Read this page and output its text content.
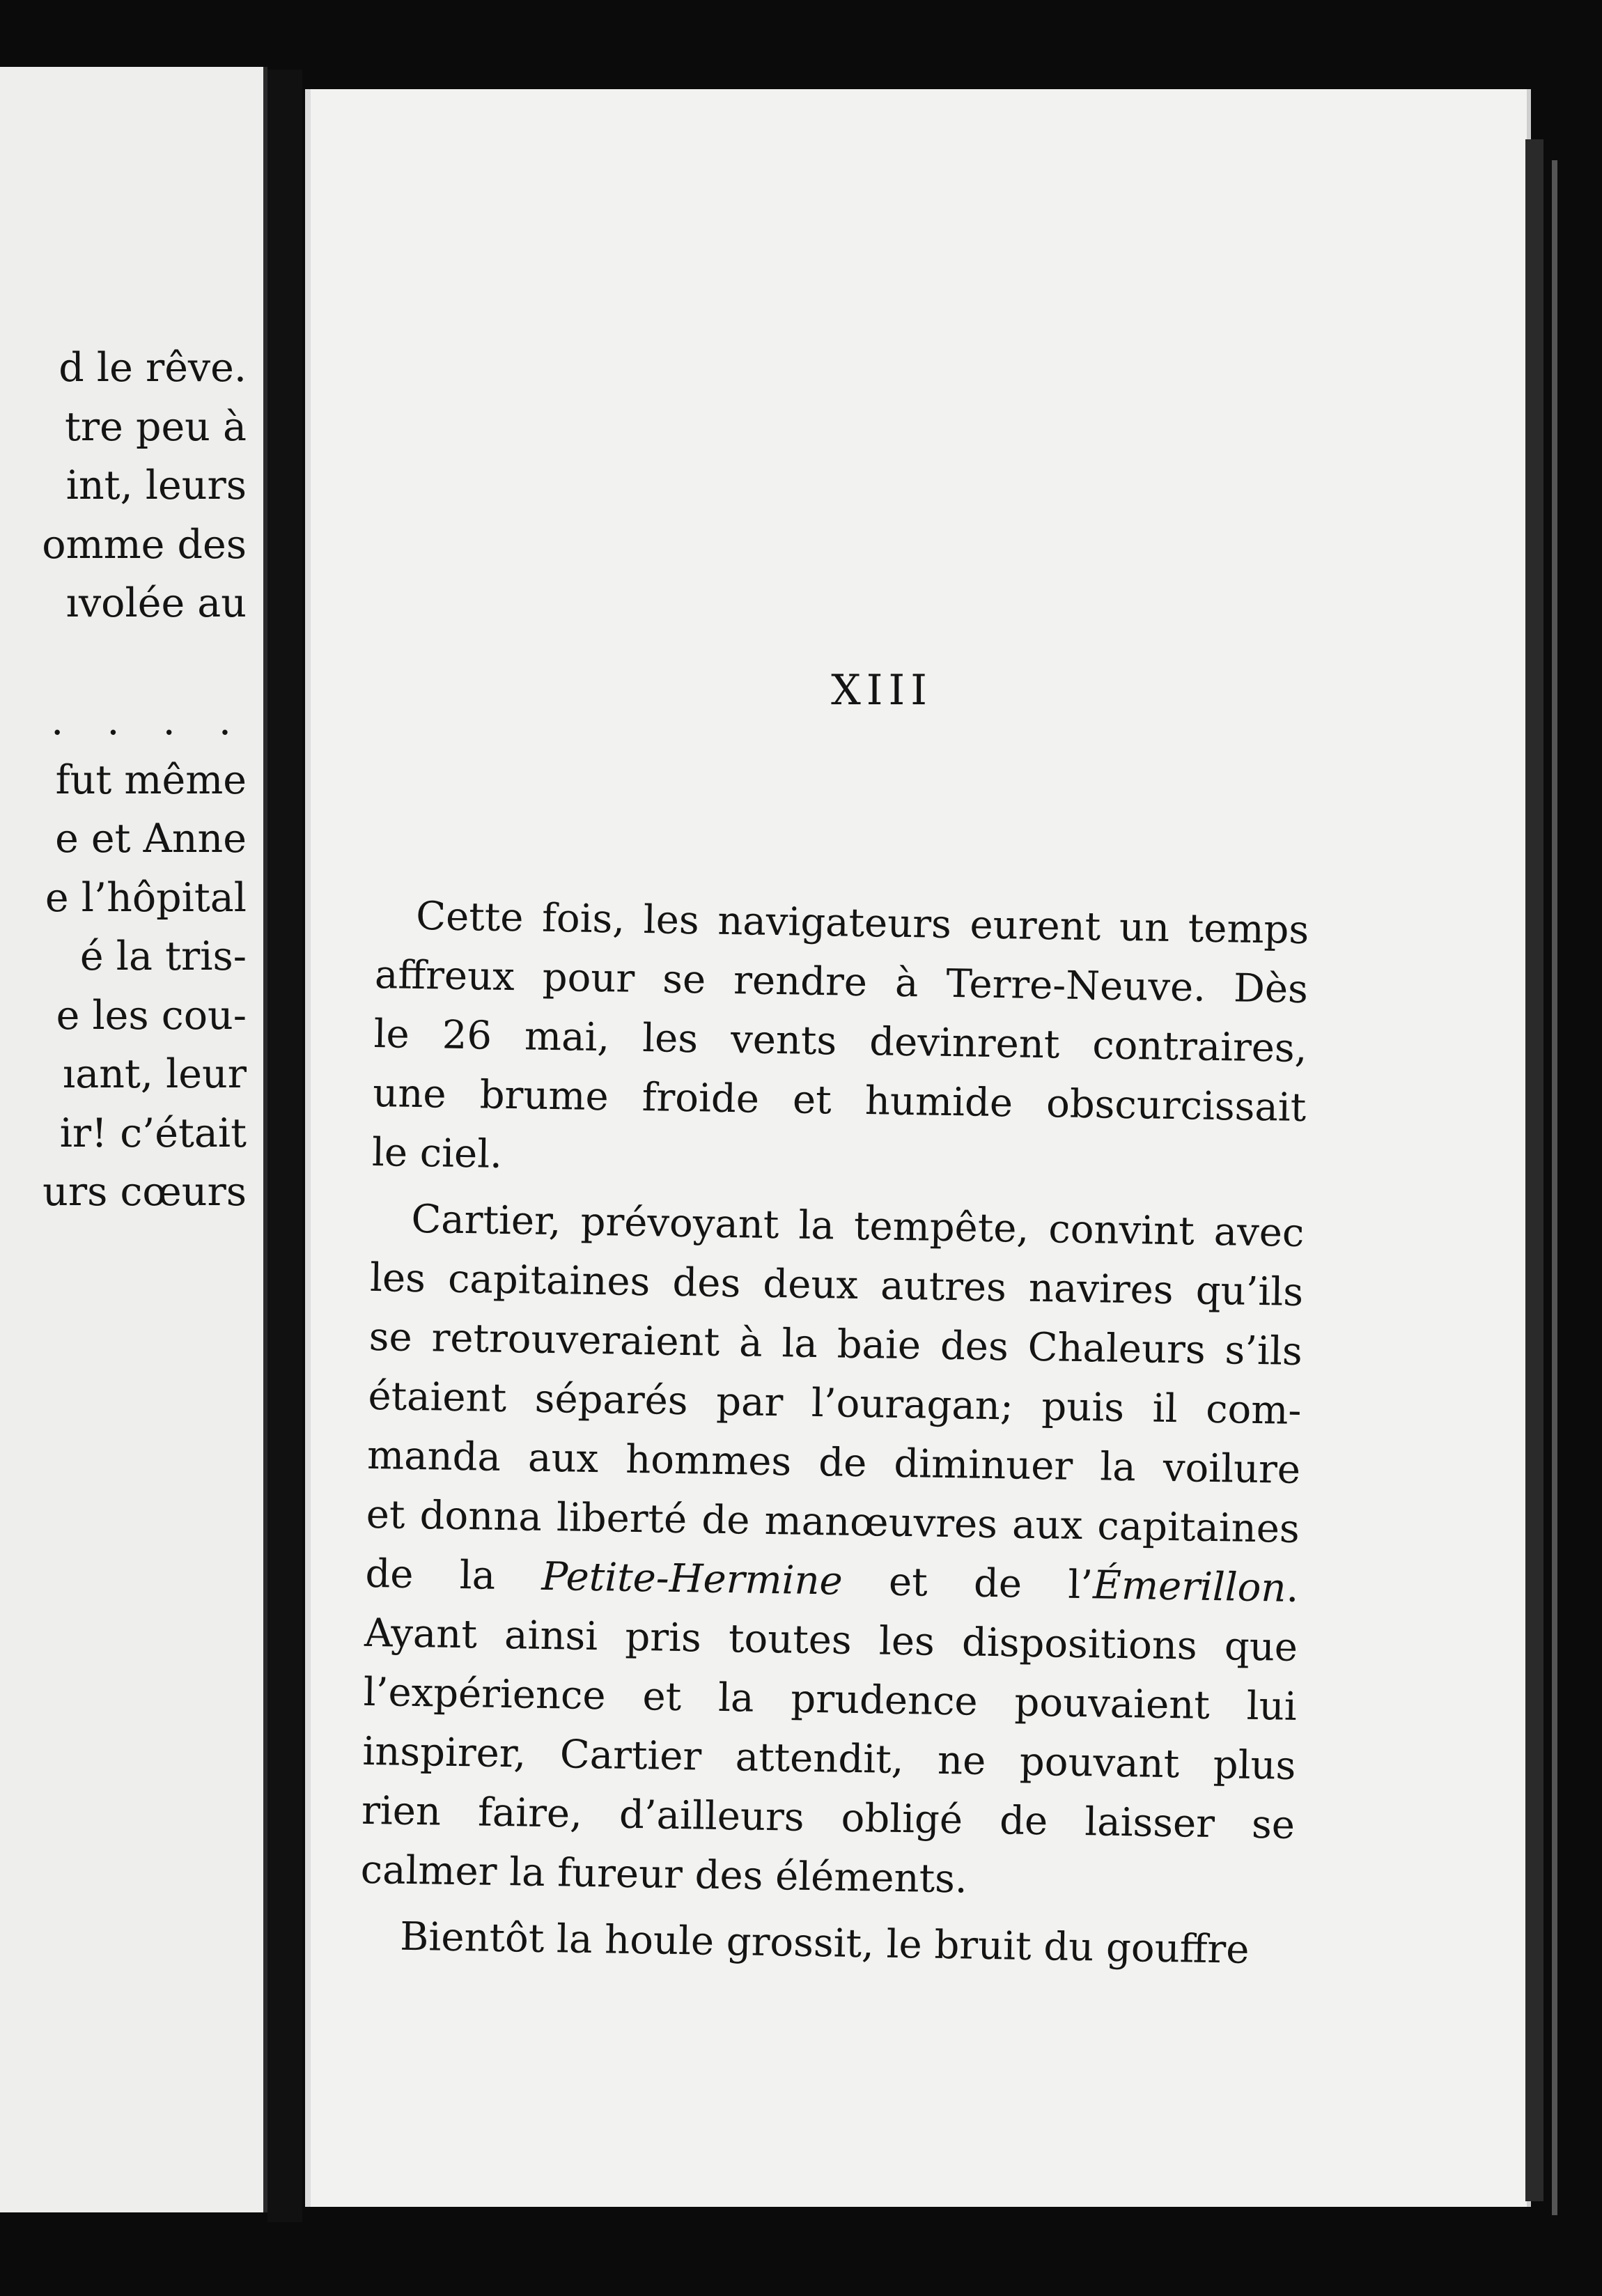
d le rêve.
tre peu à
int, leurs
omme des
ıvolée au
. . . .
fut même
e et Anne
e l’hôpital
é la tris-
e les cou-
ıant, leur
ir! c’était
urs cœurs
XIII
Cette fois, les navigateurs eurent un temps
affreux pour se rendre à Terre-Neuve. Dès
le 26 mai, les vents devinrent contraires,
une brume froide et humide obscurcissait
le ciel.
Cartier, prévoyant la tempête, convint avec
les capitaines des deux autres navires qu’ils
se retrouveraient à la baie des Chaleurs s’ils
étaient séparés par l’ouragan; puis il com-
manda aux hommes de diminuer la voilure
et donna liberté de manœuvres aux capitaines
de la Petite-Hermine et de l’Émerillon.
Ayant ainsi pris toutes les dispositions que
l’expérience et la prudence pouvaient lui
inspirer, Cartier attendit, ne pouvant plus
rien faire, d’ailleurs obligé de laisser se
calmer la fureur des éléments.
Bientôt la houle grossit, le bruit du gouffre
